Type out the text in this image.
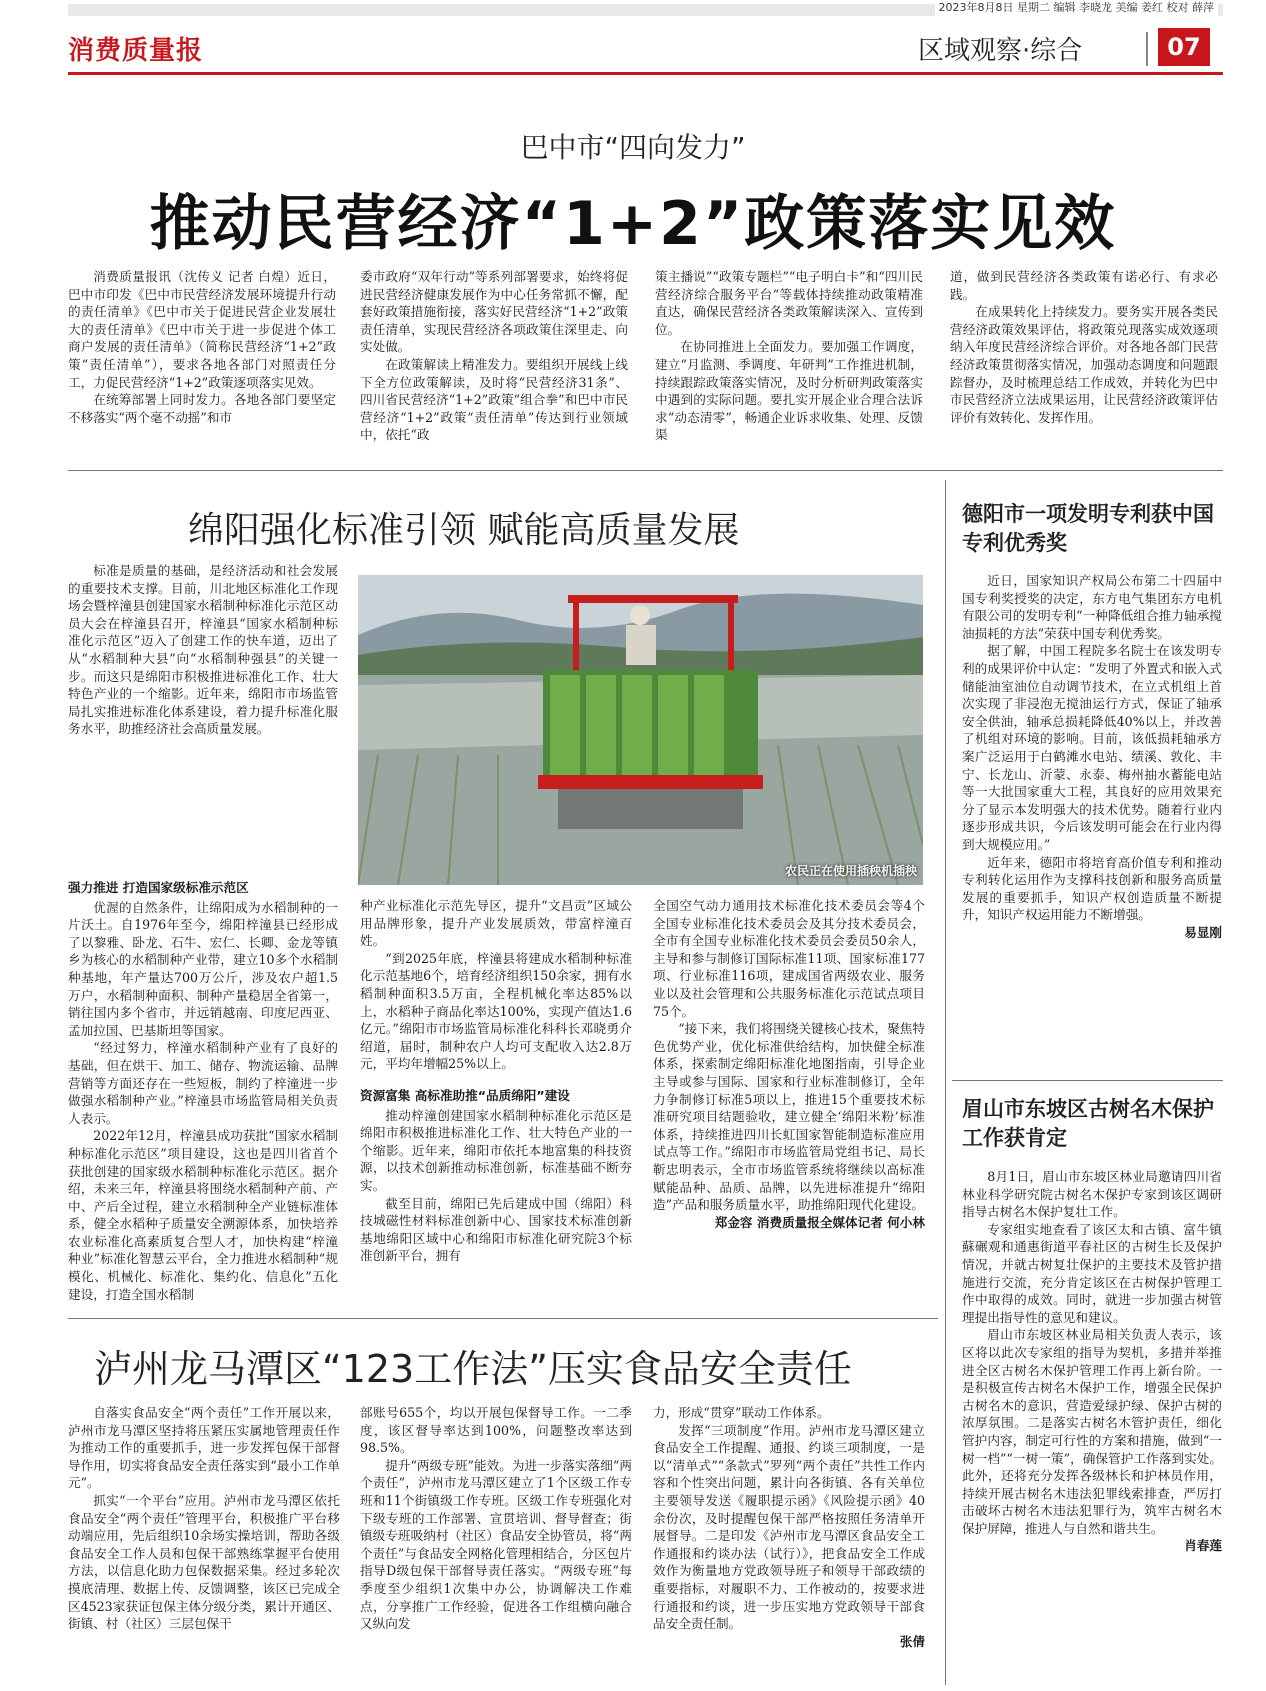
2023年8月8日 星期二 编辑 李晓龙 美编 姜红 校对 薛萍
消费质量报	区域观察·综合	07
巴中市“四向发力”
推动民营经济“1+2”政策落实见效

消费质量报讯（沈传义 记者 白煌）近日，巴中市印发《巴中市民营经济发展环境提升行动的责任清单》《巴中市关于促进民营企业发展壮大的责任清单》《巴中市关于进一步促进个体工商户发展的责任清单》（简称民营经济“1+2”政策“责任清单”），要求各地各部门对照责任分工，力促民营经济“1+2”政策逐项落实见效。

在统筹部署上同时发力。各地各部门要坚定不移落实“两个毫不动摇”和市

委市政府“双年行动”等系列部署要求，始终将促进民营经济健康发展作为中心任务常抓不懈，配套好政策措施衔接，落实好民营经济“1+2”政策责任清单，实现民营经济各项政策住深里走、向实处做。

在政策解读上精准发力。要组织开展线上线下全方位政策解读，及时将“民营经济31条”、四川省民营经济“1+2”政策“组合拳”和巴中市民营经济“1+2”政策“责任清单”传达到行业领域中，依托“政

策主播说”“政策专题栏”“电子明白卡”和“四川民营经济综合服务平台”等载体持续推动政策精准直达，确保民营经济各类政策解读深入、宣传到位。

在协同推进上全面发力。要加强工作调度，建立“月监测、季调度、年研判”工作推进机制，持续跟踪政策落实情况，及时分析研判政策落实中遇到的实际问题。要扎实开展企业合理合法诉求“动态清零”，畅通企业诉求收集、处理、反馈渠

道，做到民营经济各类政策有诺必行、有求必践。

在成果转化上持续发力。要务实开展各类民营经济政策效果评估，将政策兑现落实成效逐项纳入年度民营经济综合评价。对各地各部门民营经济政策贯彻落实情况，加强动态调度和问题跟踪督办，及时梳理总结工作成效，并转化为巴中市民营经济立法成果运用，让民营经济政策评估评价有效转化、发挥作用。

绵阳强化标准引领 赋能高质量发展

标准是质量的基础，是经济活动和社会发展的重要技术支撑。目前，川北地区标准化工作现场会暨梓潼县创建国家水稻制种标准化示范区动员大会在梓潼县召开，梓潼县“国家水稻制种标准化示范区”迈入了创建工作的快车道，迈出了从“水稻制种大县”向“水稻制种强县”的关键一步。而这只是绵阳市积极推进标准化工作、壮大特色产业的一个缩影。近年来，绵阳市市场监管局扎实推进标准化体系建设，着力提升标准化服务水平，助推经济社会高质量发展。

农民正在使用插秧机插秧
强力推进 打造国家级标准示范区

优渥的自然条件，让绵阳成为水稻制种的一片沃土。自1976年至今，绵阳梓潼县已经形成了以黎雅、卧龙、石牛、宏仁、长卿、金龙等镇乡为核心的水稻制种产业带，建立10多个水稻制种基地，年产量达700万公斤，涉及农户超1.5万户，水稻制种面积、制种产量稳居全省第一，销往国内多个省市，并远销越南、印度尼西亚、孟加拉国、巴基斯坦等国家。

“经过努力，梓潼水稻制种产业有了良好的基础，但在烘干、加工、储存、物流运输、品牌营销等方面还存在一些短板，制约了梓潼进一步做强水稻制种产业。”梓潼县市场监管局相关负责人表示。

2022年12月，梓潼县成功获批“国家水稻制种标准化示范区”项目建设，这也是四川省首个获批创建的国家级水稻制种标准化示范区。据介绍，未来三年，梓潼县将围绕水稻制种产前、产中、产后全过程，建立水稻制种全产业链标准体系，健全水稻种子质量安全溯源体系，加快培养农业标准化高素质复合型人才，加快构建“梓潼种业”标准化智慧云平台，全力推进水稻制种“规模化、机械化、标准化、集约化、信息化”五化建设，打造全国水稻制

种产业标准化示范先导区，提升“文昌贡”区域公用品牌形象，提升产业发展质效，带富梓潼百姓。

“到2025年底，梓潼县将建成水稻制种标准化示范基地6个，培育经济组织150余家，拥有水稻制种面积3.5万亩，全程机械化率达85%以上，水稻种子商品化率达100%，实现产值达1.6亿元。”绵阳市市场监管局标准化科科长邓晓勇介绍道，届时，制种农户人均可支配收入达2.8万元，平均年增幅25%以上。

资源富集 高标准助推“品质绵阳”建设

推动梓潼创建国家水稻制种标准化示范区是绵阳市积极推进标准化工作、壮大特色产业的一个缩影。近年来，绵阳市依托本地富集的科技资源，以技术创新推动标准创新，标准基础不断夯实。

截至目前，绵阳已先后建成中国（绵阳）科技城磁性材料标准创新中心、国家技术标准创新基地绵阳区域中心和绵阳市标准化研究院3个标准创新平台，拥有

全国空气动力通用技术标准化技术委员会等4个全国专业标准化技术委员会及其分技术委员会，全市有全国专业标准化技术委员会委员50余人，主导和参与制修订国际标准11项、国家标准177项、行业标准116项，建成国省两级农业、服务业以及社会管理和公共服务标准化示范试点项目75个。

“接下来，我们将围绕关键核心技术，聚焦特色优势产业，优化标准供给结构，加快健全标准体系，探索制定绵阳标准化地图指南，引导企业主导或参与国际、国家和行业标准制修订，全年力争制修订标准5项以上，推进15个重要技术标准研究项目结题验收，建立健全‘绵阳米粉’标准体系，持续推进四川长虹国家智能制造标准应用试点等工作。”绵阳市市场监管局党组书记、局长靳忠明表示，全市市场监管系统将继续以高标准赋能品种、品质、品牌，以先进标准提升“绵阳造”产品和服务质量水平，助推绵阳现代化建设。

郑金容 消费质量报全媒体记者 何小林
德阳市一项发明专利获中国专利优秀奖

近日，国家知识产权局公布第二十四届中国专利奖授奖的决定，东方电气集团东方电机有限公司的发明专利“一种降低组合推力轴承搅油损耗的方法”荣获中国专利优秀奖。

据了解，中国工程院多名院士在该发明专利的成果评价中认定：“发明了外置式和嵌入式储能油室油位自动调节技术，在立式机组上首次实现了非浸泡无搅油运行方式，保证了轴承安全供油，轴承总损耗降低40%以上，并改善了机组对环境的影响。目前，该低损耗轴承方案广泛运用于白鹤滩水电站、绩溪、敦化、丰宁、长龙山、沂蒙、永泰、梅州抽水蓄能电站等一大批国家重大工程，其良好的应用效果充分了显示本发明强大的技术优势。随着行业内逐步形成共识，今后该发明可能会在行业内得到大规模应用。”

近年来，德阳市将培育高价值专利和推动专利转化运用作为支撑科技创新和服务高质量发展的重要抓手，知识产权创造质量不断提升，知识产权运用能力不断增强。

易显刚
眉山市东坡区古树名木保护工作获肯定

8月1日，眉山市东坡区林业局邀请四川省林业科学研究院古树名木保护专家到该区调研指导古树名木保护复壮工作。

专家组实地查看了该区太和古镇、富牛镇蘇碾观和通惠街道平春社区的古树生长及保护情况，并就古树复壮保护的主要技术及管护措施进行交流，充分肯定该区在古树保护管理工作中取得的成效。同时，就进一步加强古树管理提出指导性的意见和建议。

眉山市东坡区林业局相关负责人表示，该区将以此次专家组的指导为契机，多措并举推进全区古树名木保护管理工作再上新台阶。一是积极宣传古树名木保护工作，增强全民保护古树名木的意识，营造爱绿护绿、保护古树的浓厚氛围。二是落实古树名木管护责任，细化管护内容，制定可行性的方案和措施，做到“一树一档”“一树一策”，确保管护工作落到实处。此外，还将充分发挥各级林长和护林员作用，持续开展古树名木违法犯罪线索排查，严厉打击破坏古树名木违法犯罪行为，筑牢古树名木保护屏障，推进人与自然和谐共生。

肖春莲
泸州龙马潭区“123工作法”压实食品安全责任

自落实食品安全“两个责任”工作开展以来，泸州市龙马潭区坚持将压紧压实属地管理责任作为推动工作的重要抓手，进一步发挥包保干部督导作用，切实将食品安全责任落实到“最小工作单元”。

抓实“一个平台”应用。泸州市龙马潭区依托食品安全“两个责任”管理平台，积极推广平台移动端应用，先后组织10余场实操培训，帮助各级食品安全工作人员和包保干部熟练掌握平台使用方法，以信息化助力包保数据采集。经过多轮次摸底清理、数据上传、反馈调整，该区已完成全区4523家获证包保主体分级分类，累计开通区、街镇、村（社区）三层包保干

部账号655个，均以开展包保督导工作。一二季度，该区督导率达到100%，问题整改率达到98.5%。

提升“两级专班”能效。为进一步落实落细“两个责任”，泸州市龙马潭区建立了1个区级工作专班和11个街镇级工作专班。区级工作专班强化对下级专班的工作部署、宣贯培训、督导督查；街镇级专班吸纳村（社区）食品安全协管员，将“两个责任”与食品安全网格化管理相结合，分区包片指导D级包保干部督导责任落实。“两级专班”每季度至少组织1次集中办公，协调解决工作难点，分享推广工作经验，促进各工作组横向融合又纵向发

力，形成“贯穿”联动工作体系。

发挥“三项制度”作用。泸州市龙马潭区建立食品安全工作提醒、通报、约谈三项制度，一是以“清单式”“条款式”罗列“两个责任”共性工作内容和个性突出问题，累计向各街镇、各有关单位主要领导发送《履职提示函》《风险提示函》40余份次，及时提醒包保干部严格按照任务清单开展督导。二是印发《泸州市龙马潭区食品安全工作通报和约谈办法（试行）》，把食品安全工作成效作为衡量地方党政领导班子和领导干部政绩的重要指标，对履职不力、工作被动的，按要求进行通报和约谈，进一步压实地方党政领导干部食品安全责任制。

张倩
